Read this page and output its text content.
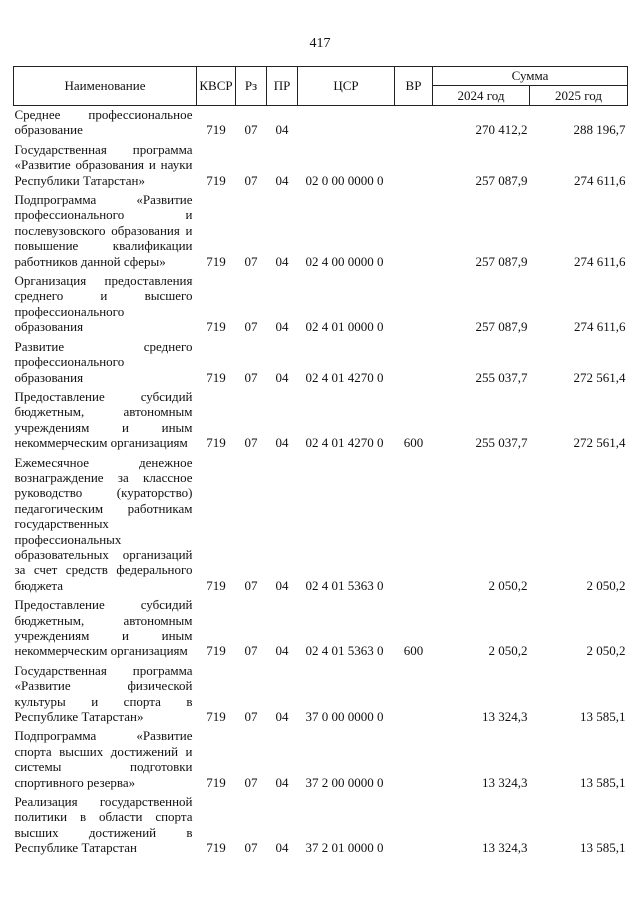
417
Наименование	КВСР	Рз	ПР	ЦСР	ВР	Сумма	
						2024 год	2025 год
Среднее профессиональное образование	719	07	04			270 412,2	288 196,7
Государственная программа «Развитие образования и науки Республики Татарстан»	719	07	04	02 0 00 0000 0		257 087,9	274 611,6
Подпрограмма «Развитие профессионального и послевузовского образования и повышение квалификации работников данной сферы»	719	07	04	02 4 00 0000 0		257 087,9	274 611,6
Организация предоставления среднего и высшего профессионального образования	719	07	04	02 4 01 0000 0		257 087,9	274 611,6
Развитие среднего профессионального образования	719	07	04	02 4 01 4270 0		255 037,7	272 561,4
Предоставление субсидий бюджетным, автономным учреждениям и иным некоммерческим организациям	719	07	04	02 4 01 4270 0	600	255 037,7	272 561,4
Ежемесячное денежное вознаграждение за классное руководство (кураторство) педагогическим работникам государственных профессиональных образовательных организаций за счет средств федерального бюджета	719	07	04	02 4 01 5363 0		2 050,2	2 050,2
Предоставление субсидий бюджетным, автономным учреждениям и иным некоммерческим организациям	719	07	04	02 4 01 5363 0	600	2 050,2	2 050,2
Государственная программа «Развитие физической культуры и спорта в Республике Татарстан»	719	07	04	37 0 00 0000 0		13 324,3	13 585,1
Подпрограмма «Развитие спорта высших достижений и системы подготовки спортивного резерва»	719	07	04	37 2 00 0000 0		13 324,3	13 585,1
Реализация государственной политики в области спорта высших достижений в Республике Татарстан	719	07	04	37 2 01 0000 0		13 324,3	13 585,1
